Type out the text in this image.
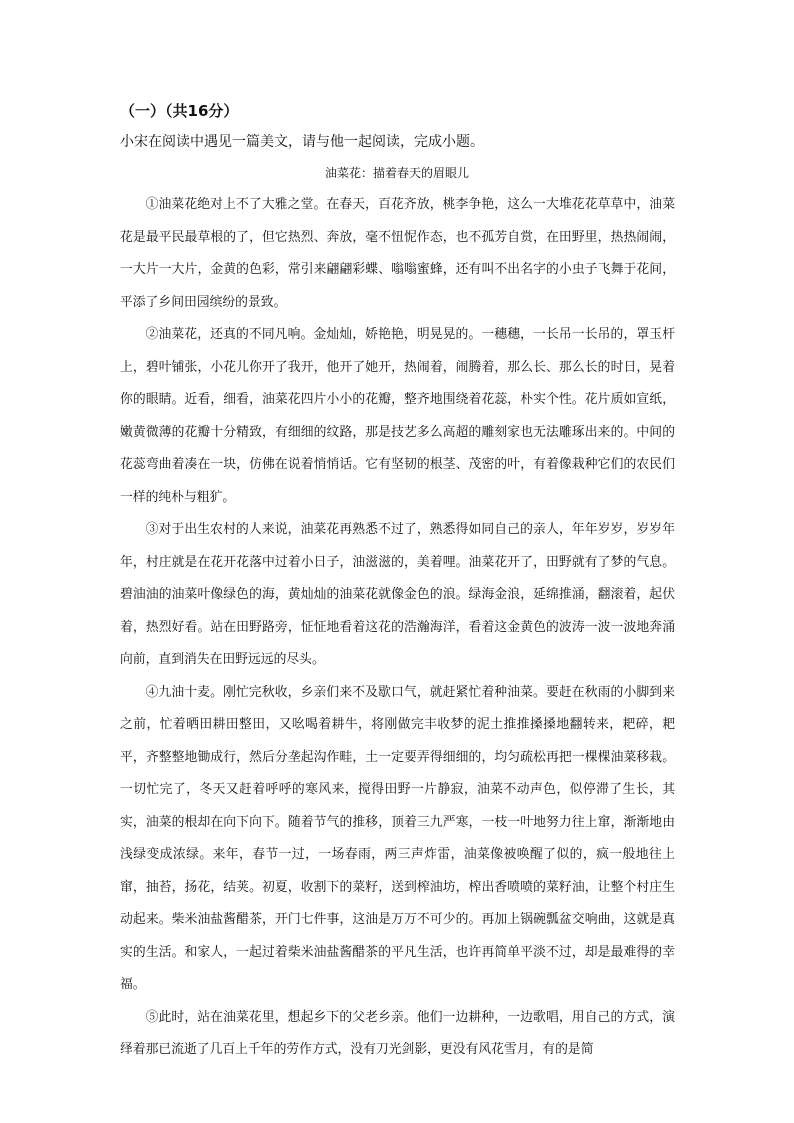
（一）（共16分）

小宋在阅读中遇见一篇美文，请与他一起阅读，完成小题。

油菜花：描着春天的眉眼儿

①油菜花绝对上不了大雅之堂。在春天，百花齐放，桃李争艳，这么一大堆花花草草中，油菜花是最平民最草根的了，但它热烈、奔放，毫不忸怩作态，也不孤芳自赏，在田野里，热热闹闹，一大片一大片，金黄的色彩，常引来翩翩彩蝶、嗡嗡蜜蜂，还有叫不出名字的小虫子飞舞于花间，平添了乡间田园缤纷的景致。

②油菜花，还真的不同凡响。金灿灿，娇艳艳，明晃晃的。一穗穗，一长吊一长吊的，罩玉杆上，碧叶铺张，小花儿你开了我开，他开了她开，热闹着，闹腾着，那么长、那么长的时日，晃着你的眼睛。近看，细看，油菜花四片小小的花瓣，整齐地围绕着花蕊，朴实个性。花片质如宣纸，嫩黄微薄的花瓣十分精致，有细细的纹路，那是技艺多么高超的雕刻家也无法雕琢出来的。中间的花蕊弯曲着凑在一块，仿佛在说着悄悄话。它有坚韧的根茎、茂密的叶，有着像栽种它们的农民们一样的纯朴与粗犷。

③对于出生农村的人来说，油菜花再熟悉不过了，熟悉得如同自己的亲人，年年岁岁，岁岁年年，村庄就是在花开花落中过着小日子，油滋滋的，美着哩。油菜花开了，田野就有了梦的气息。碧油油的油菜叶像绿色的海，黄灿灿的油菜花就像金色的浪。绿海金浪，延绵推涌，翻滚着，起伏着，热烈好看。站在田野路旁，怔怔地看着这花的浩瀚海洋，看着这金黄色的波涛一波一波地奔涌向前，直到消失在田野远远的尽头。

④九油十麦。刚忙完秋收，乡亲们来不及歇口气，就赶紧忙着种油菜。要赶在秋雨的小脚到来之前，忙着晒田耕田整田，又吆喝着耕牛，将刚做完丰收梦的泥土推推搡搡地翻转来，耙碎，耙平，齐整整地锄成行，然后分垄起沟作畦，土一定要弄得细细的，均匀疏松再把一棵棵油菜移栽。一切忙完了，冬天又赶着呼呼的寒风来，搅得田野一片静寂，油菜不动声色，似停滞了生长，其实，油菜的根却在向下向下。随着节气的推移，顶着三九严寒，一枝一叶地努力往上窜，渐渐地由浅绿变成浓绿。来年，春节一过，一场春雨，两三声炸雷，油菜像被唤醒了似的，疯一般地往上窜，抽苔，扬花，结荚。初夏，收割下的菜籽，送到榨油坊，榨出香喷喷的菜籽油，让整个村庄生动起来。柴米油盐酱醋茶，开门七件事，这油是万万不可少的。再加上锅碗瓢盆交响曲，这就是真实的生活。和家人，一起过着柴米油盐酱醋茶的平凡生活，也许再简单平淡不过，却是最难得的幸福。

⑤此时，站在油菜花里，想起乡下的父老乡亲。他们一边耕种，一边歌唱，用自己的方式，演绎着那已流逝了几百上千年的劳作方式，没有刀光剑影，更没有风花雪月，有的是简
